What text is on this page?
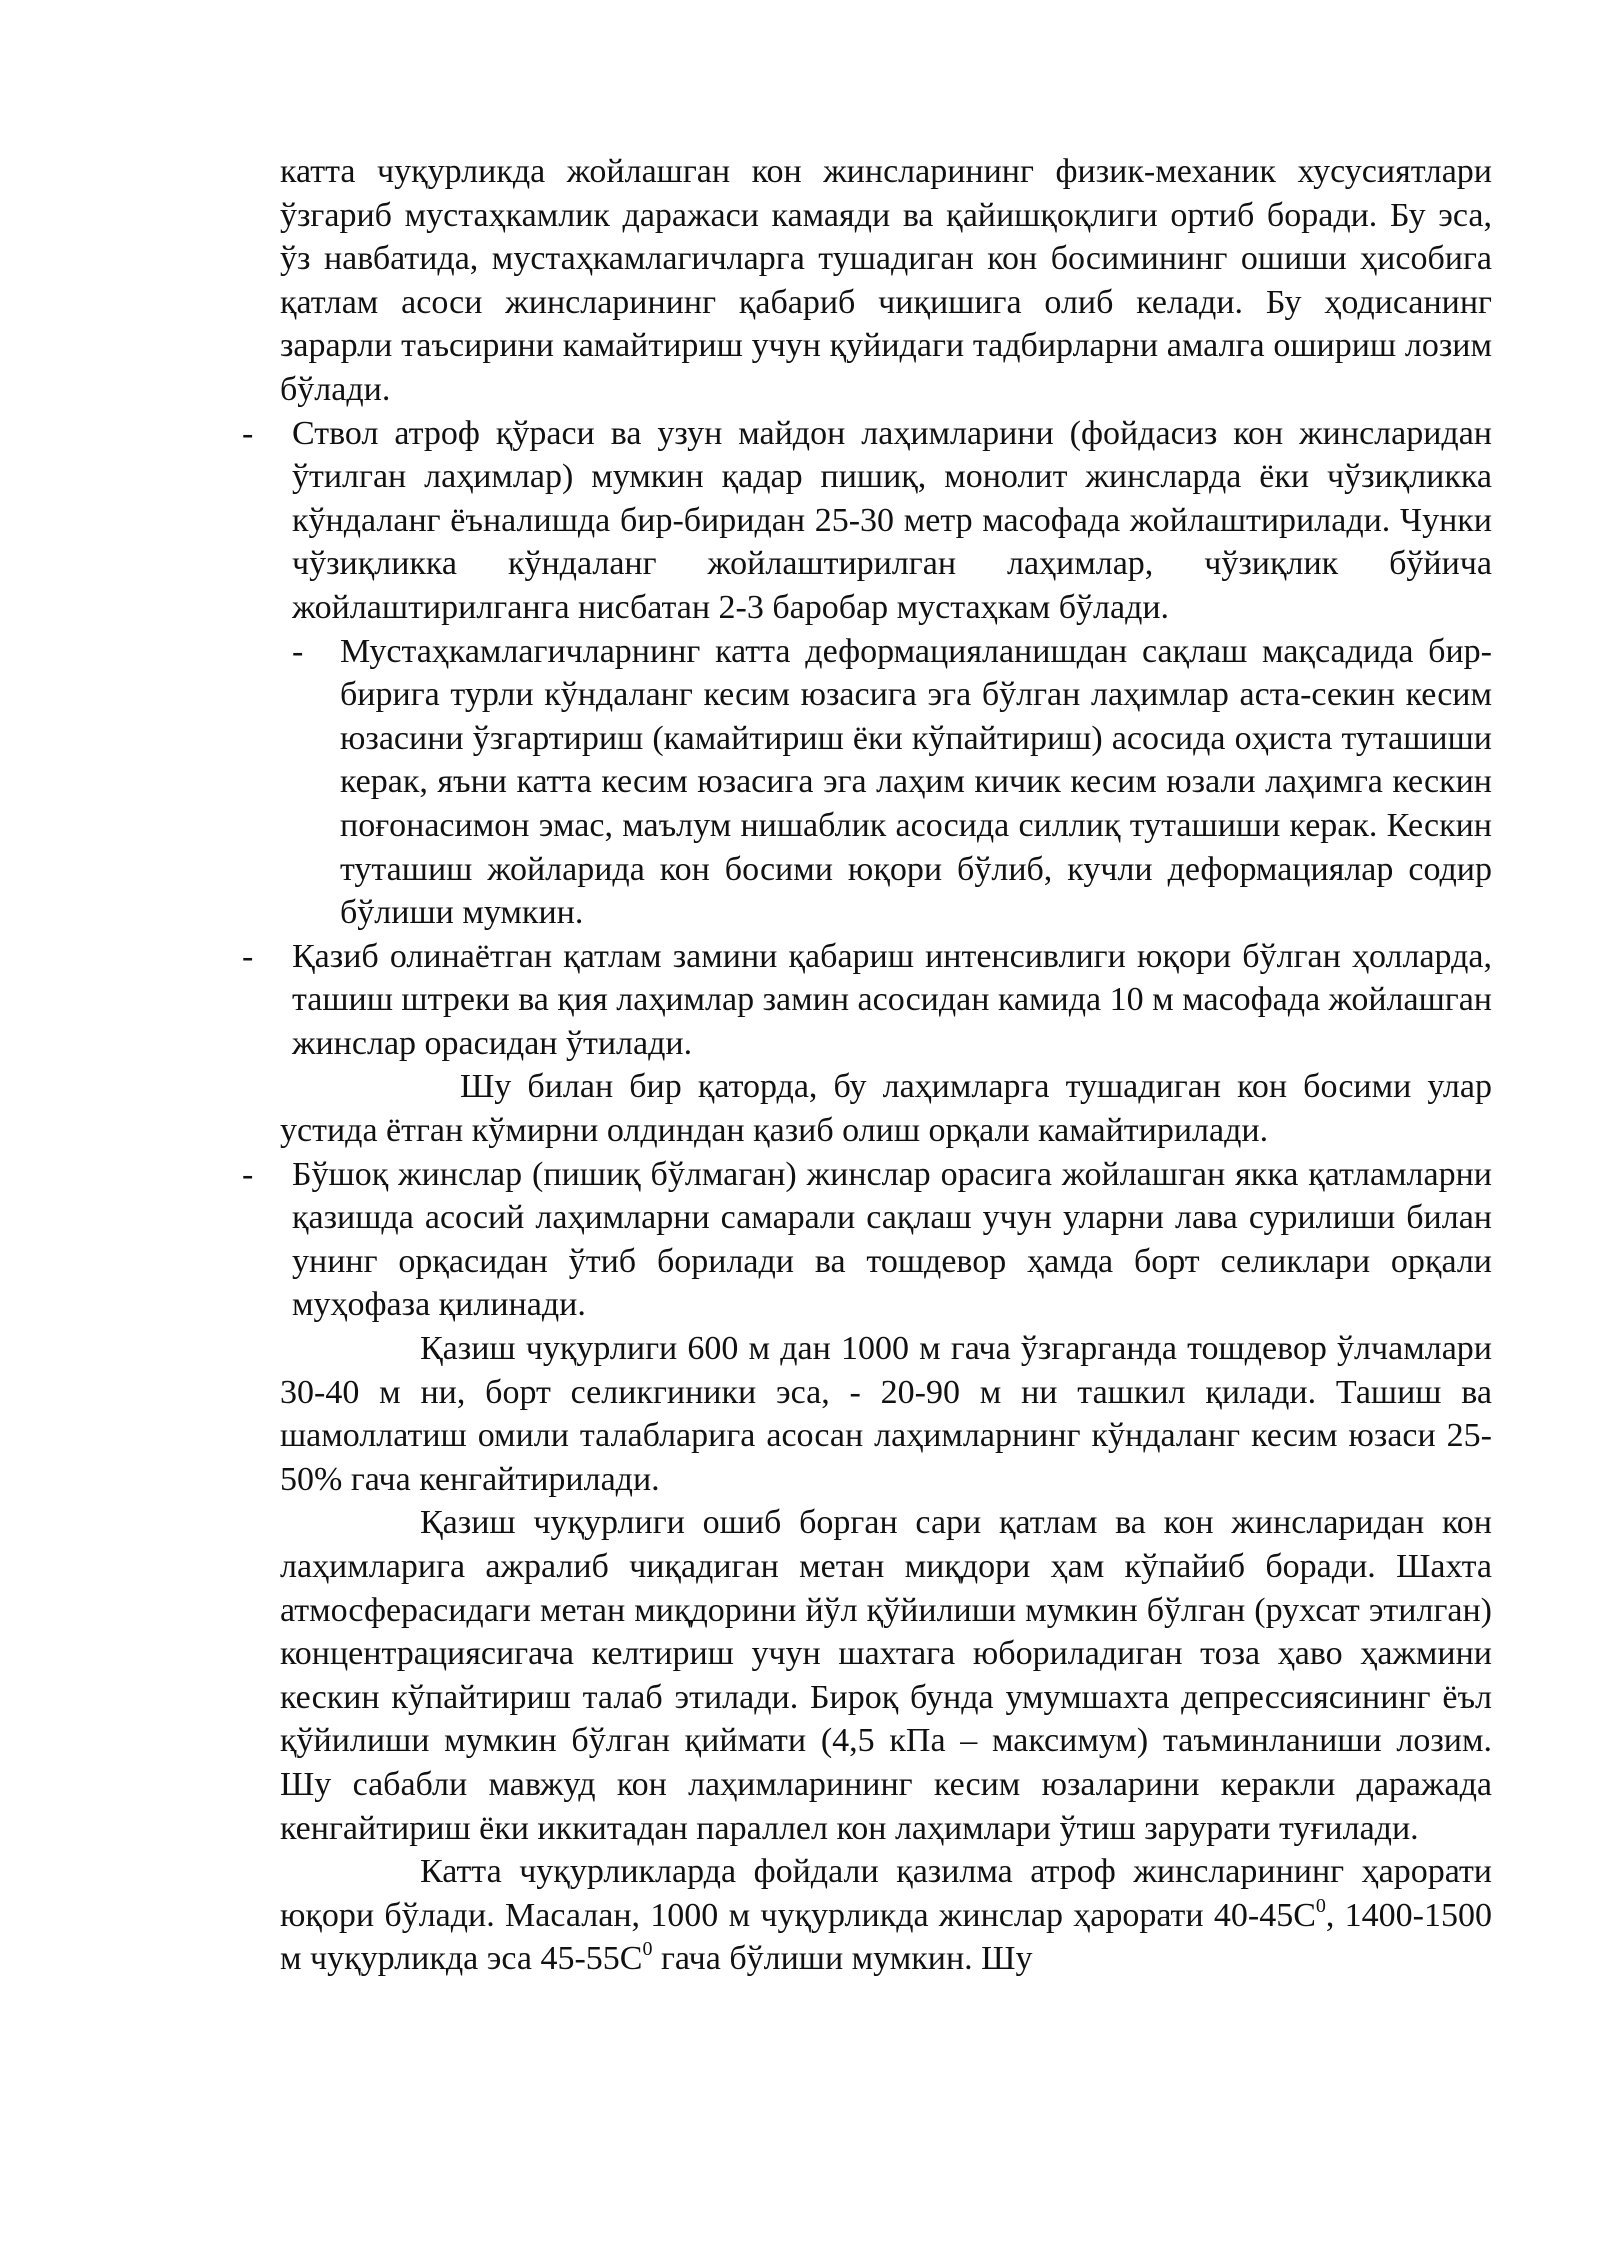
катта чуқурликда жойлашган кон жинсларининг физик-механик хусусиятлари ўзгариб мустаҳкамлик даражаси камаяди ва қайишқоқлиги ортиб боради. Бу эса, ўз навбатида, мустаҳкамлагичларга тушадиган кон босимининг ошиши ҳисобига қатлам асоси жинсларининг қабариб чиқишига олиб келади. Бу ҳодисанинг зарарли таъсирини камайтириш учун қуйидаги тадбирларни амалга ошириш лозим бўлади.

- Ствол атроф қўраси ва узун майдон лаҳимларини (фойдасиз кон жинсларидан ўтилган лаҳимлар) мумкин қадар пишиқ, монолит жинсларда ёки чўзиқликка кўндаланг ёъналишда бир-биридан 25-30 метр масофада жойлаштирилади. Чунки чўзиқликка кўндаланг жойлаштирилган лаҳимлар, чўзиқлик бўйича жойлаштирилганга нисбатан 2-3 баробар мустаҳкам бўлади.
- Мустаҳкамлагичларнинг катта деформацияланишдан сақлаш мақсадида бир-бирига турли кўндаланг кесим юзасига эга бўлган лаҳимлар аста-секин кесим юзасини ўзгартириш (камайтириш ёки кўпайтириш) асосида оҳиста туташиши керак, яъни катта кесим юзасига эга лаҳим кичик кесим юзали лаҳимга кескин поғонасимон эмас, маълум нишаблик асосида силлиқ туташиши керак. Кескин туташиш жойларида кон босими юқори бўлиб, кучли деформациялар содир бўлиши мумкин.
- Қазиб олинаётган қатлам замини қабариш интенсивлиги юқори бўлган ҳолларда, ташиш штреки ва қия лаҳимлар замин асосидан камида 10 м масофада жойлашган жинслар орасидан ўтилади.

Шу билан бир қаторда, бу лаҳимларга тушадиган кон босими улар устида ётган кўмирни олдиндан қазиб олиш орқали камайтирилади.

- Бўшоқ жинслар (пишиқ бўлмаган) жинслар орасига жойлашган якка қатламларни қазишда асосий лаҳимларни самарали сақлаш учун уларни лава сурилиши билан унинг орқасидан ўтиб борилади ва тошдевор ҳамда борт селиклари орқали муҳофаза қилинади.

Қазиш чуқурлиги 600 м дан 1000 м гача ўзгарганда тошдевор ўлчамлари 30-40 м ни, борт селикгиники эса, - 20-90 м ни ташкил қилади. Ташиш ва шамоллатиш омили талабларига асосан лаҳимларнинг кўндаланг кесим юзаси 25-50% гача кенгайтирилади.

Қазиш чуқурлиги ошиб борган сари қатлам ва кон жинсларидан кон лаҳимларига ажралиб чиқадиган метан миқдори ҳам кўпайиб боради. Шахта атмосферасидаги метан миқдорини йўл қўйилиши мумкин бўлган (рухсат этилган) концентрациясигача келтириш учун шахтага юбориладиган тоза ҳаво ҳажмини кескин кўпайтириш талаб этилади. Бироқ бунда умумшахта депрессиясининг ёъл қўйилиши мумкин бўлган қиймати (4,5 кПа – максимум) таъминланиши лозим. Шу сабабли мавжуд кон лаҳимларининг кесим юзаларини керакли даражада кенгайтириш ёки иккитадан параллел кон лаҳимлари ўтиш зарурати туғилади.

Катта чуқурликларда фойдали қазилма атроф жинсларининг ҳарорати юқори бўлади. Масалан, 1000 м чуқурликда жинслар ҳарорати $40-45С^0$, 1400-1500 м чуқурликда эса $45-55С^0$ гача бўлиши мумкин. Шу
